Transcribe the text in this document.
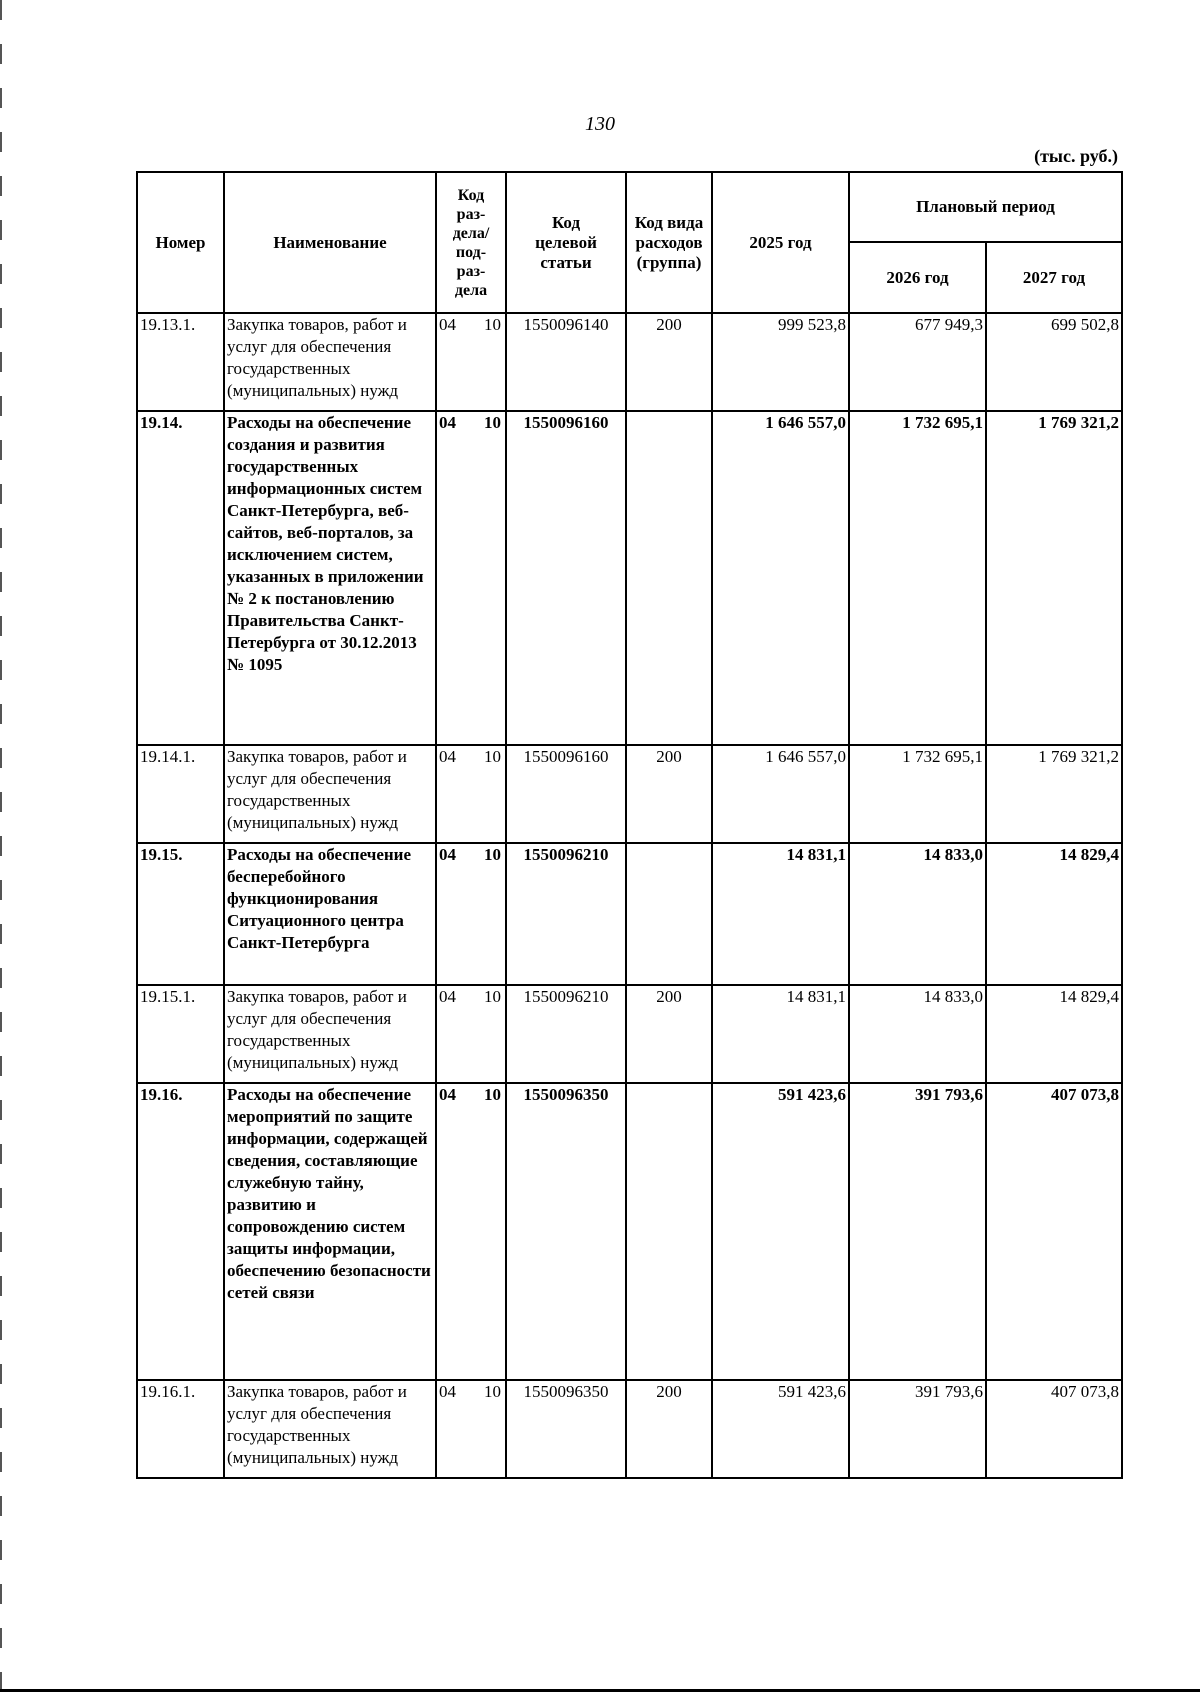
130
(тыс. руб.)
Номер	Наименование	Код раз-дела/ под-раз-дела	Код целевой статьи	Код вида расходов (группа)	2025 год	Плановый период	
						2026 год	2027 год
19.13.1.	Закупка товаров, работ и услуг для обеспечения государственных (муниципальных) нужд	04 10	1550096140	200	999 523,8	677 949,3	699 502,8
19.14.	Расходы на обеспечение создания и развития государственных информационных систем Санкт-Петербурга, веб-сайтов, веб-порталов, за исключением систем, указанных в приложении № 2 к постановлению Правительства Санкт-Петербурга от 30.12.2013 № 1095	04 10	1550096160		1 646 557,0	1 732 695,1	1 769 321,2
19.14.1.	Закупка товаров, работ и услуг для обеспечения государственных (муниципальных) нужд	04 10	1550096160	200	1 646 557,0	1 732 695,1	1 769 321,2
19.15.	Расходы на обеспечение бесперебойного функционирования Ситуационного центра Санкт-Петербурга	04 10	1550096210		14 831,1	14 833,0	14 829,4
19.15.1.	Закупка товаров, работ и услуг для обеспечения государственных (муниципальных) нужд	04 10	1550096210	200	14 831,1	14 833,0	14 829,4
19.16.	Расходы на обеспечение мероприятий по защите информации, содержащей сведения, составляющие служебную тайну, развитию и сопровождению систем защиты информации, обеспечению безопасности сетей связи	04 10	1550096350		591 423,6	391 793,6	407 073,8
19.16.1.	Закупка товаров, работ и услуг для обеспечения государственных (муниципальных) нужд	04 10	1550096350	200	591 423,6	391 793,6	407 073,8
